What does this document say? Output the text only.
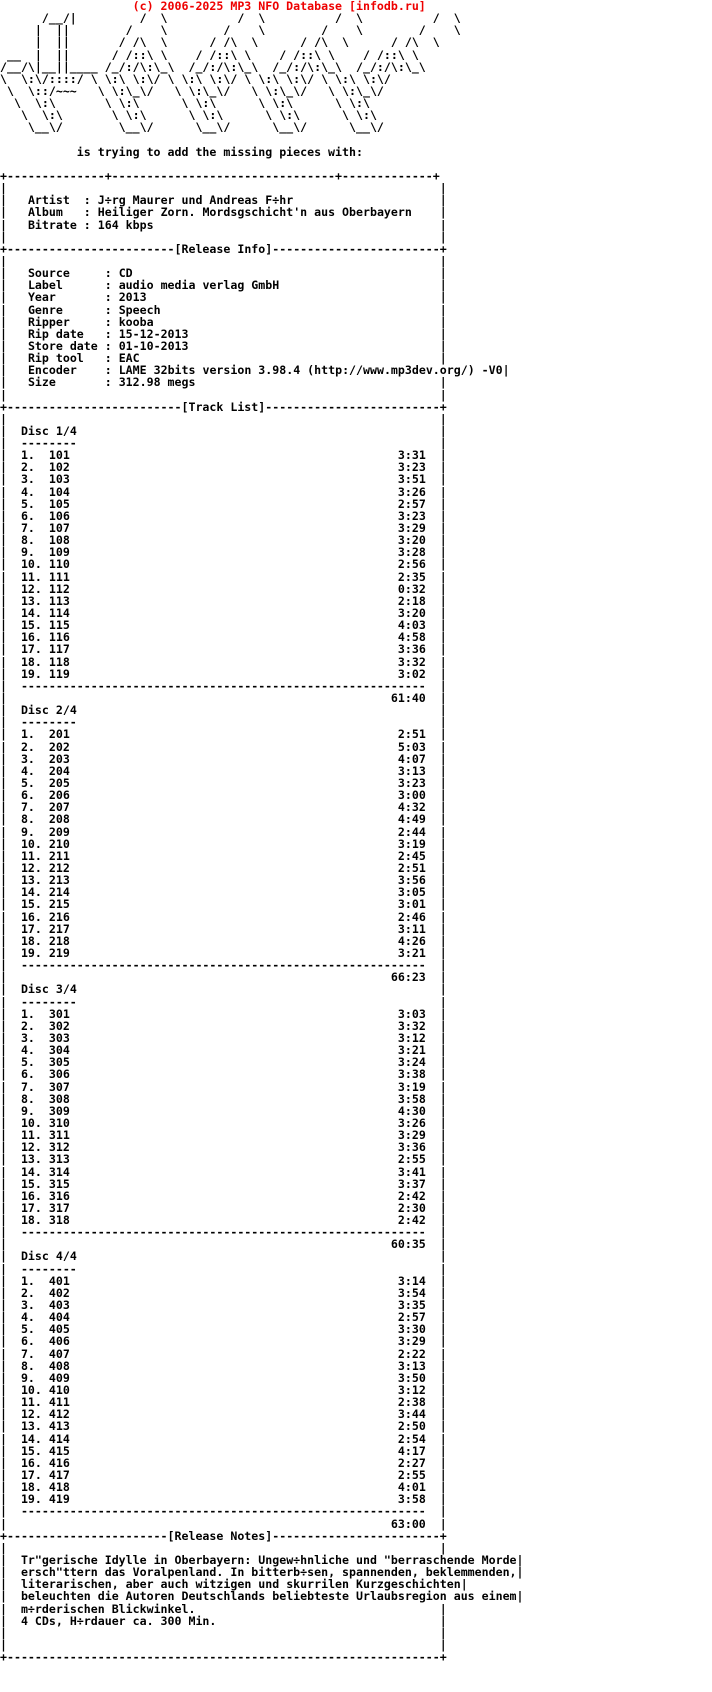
(c) 2006-2025 MP3 NFO Database [infodb.ru]
/__/|         /  \          /  \          /  \          /  \
|  ||        /    \        /    \        /    \        /    \
|  ||       / /\  \      / /\  \      / /\  \      / /\  \
__  |  ||      / /::\ \    / /::\ \    / /::\ \    / /::\ \
/__/\|__||____ /_/:/\:\_\  /_/:/\:\_\  /_/:/\:\_\  /_/:/\:\_\
\  \:\/::::/ \ \:\ \:\/ \ \:\ \:\/ \ \:\ \:\/ \ \:\ \:\/
\  \::/~~~   \ \:\_\/   \ \:\_\/   \ \:\_\/   \ \:\_\/
\  \:\       \ \:\      \ \:\      \ \:\      \ \:\
\  \:\       \ \:\      \ \:\      \ \:\      \ \:\
\__\/        \__\/      \__\/      \__\/      \__\/
is trying to add the missing pieces with:
+--------------+--------------------------------+-------------+
|                                                              |
| Artist  : J÷rg Maurer und Andreas F÷hr                     |
| Album   : Heiliger Zorn. Mordsgschicht'n aus Oberbayern    |
| Bitrate : 164 kbps                                         |
|                                                              |
+------------------------[Release Info]------------------------+
|                                                              |
| Source     : CD                                            |
| Label      : audio media verlag GmbH                       |
| Year       : 2013                                          |
| Genre      : Speech                                        |
| Ripper     : kooba                                         |
| Rip date   : 15-12-2013                                    |
| Store date : 01-10-2013                                    |
| Rip tool   : EAC                                           |
| Encoder    : LAME 32bits version 3.98.4 (http://www.mp3dev.org/) -V0|
| Size       : 312.98 megs                                   |
|                                                              |
+-------------------------[Track List]-------------------------+
|                                                              |
| Disc 1/4                                                    |
|  --------                                                    |
| 1. 101	3:31  |
| 2. 102	3:23  |
| 3. 103	3:51  |
| 4. 104	3:26  |
| 5. 105	2:57  |
| 6. 106	3:23  |
| 7. 107	3:29  |
| 8. 108	3:20  |
| 9. 109	3:28  |
| 10. 110	2:56  |
| 11. 111	2:35  |
| 12. 112	0:32  |
| 13. 113	2:18  |
| 14. 114	3:20  |
| 15. 115	4:03  |
| 16. 116	4:58  |
| 17. 117	3:36  |
| 18. 118	3:32  |
| 19. 119	3:02  |
|  ----------------------------------------------------------  |
|	61:40  |
| Disc 2/4                                                    |
|  --------                                                    |
| 1. 201	2:51  |
| 2. 202	5:03  |
| 3. 203	4:07  |
| 4. 204	3:13  |
| 5. 205	3:23  |
| 6. 206	3:00  |
| 7. 207	4:32  |
| 8. 208	4:49  |
| 9. 209	2:44  |
| 10. 210	3:19  |
| 11. 211	2:45  |
| 12. 212	2:51  |
| 13. 213	3:56  |
| 14. 214	3:05  |
| 15. 215	3:01  |
| 16. 216	2:46  |
| 17. 217	3:11  |
| 18. 218	4:26  |
| 19. 219	3:21  |
|  ----------------------------------------------------------  |
|	66:23  |
| Disc 3/4                                                    |
|  --------                                                    |
| 1. 301	3:03  |
| 2. 302	3:32  |
| 3. 303	3:12  |
| 4. 304	3:21  |
| 5. 305	3:24  |
| 6. 306	3:38  |
| 7. 307	3:19  |
| 8. 308	3:58  |
| 9. 309	4:30  |
| 10. 310	3:26  |
| 11. 311	3:29  |
| 12. 312	3:36  |
| 13. 313	2:55  |
| 14. 314	3:41  |
| 15. 315	3:37  |
| 16. 316	2:42  |
| 17. 317	2:30  |
| 18. 318	2:42  |
|  ----------------------------------------------------------  |
|	60:35  |
| Disc 4/4                                                    |
|  --------                                                    |
| 1. 401	3:14  |
| 2. 402	3:54  |
| 3. 403	3:35  |
| 4. 404	2:57  |
| 5. 405	3:30  |
| 6. 406	3:29  |
| 7. 407	2:22  |
| 8. 408	3:13  |
| 9. 409	3:50  |
| 10. 410	3:12  |
| 11. 411	2:38  |
| 12. 412	3:44  |
| 13. 413	2:50  |
| 14. 414	2:54  |
| 15. 415	4:17  |
| 16. 416	2:27  |
| 17. 417	2:55  |
| 18. 418	4:01  |
| 19. 419	3:58  |
|  ----------------------------------------------------------  |
|	63:00  |
+-----------------------[Release Notes]------------------------+
|                                                              |
| Tr"gerische Idylle in Oberbayern: Ungew÷hnliche und "berraschende Morde|
| ersch"ttern das Voralpenland. In bitterb÷sen, spannenden, beklemmenden,|
| literarischen, aber auch witzigen und skurrilen Kurzgeschichten|
| beleuchten die Autoren Deutschlands beliebteste Urlaubsregion aus einem|
| m÷rderischen Blickwinkel.                                   |
| 4 CDs, H÷rdauer ca. 300 Min.                                |
|                                                              |
|                                                              |
+--------------------------------------------------------------+
